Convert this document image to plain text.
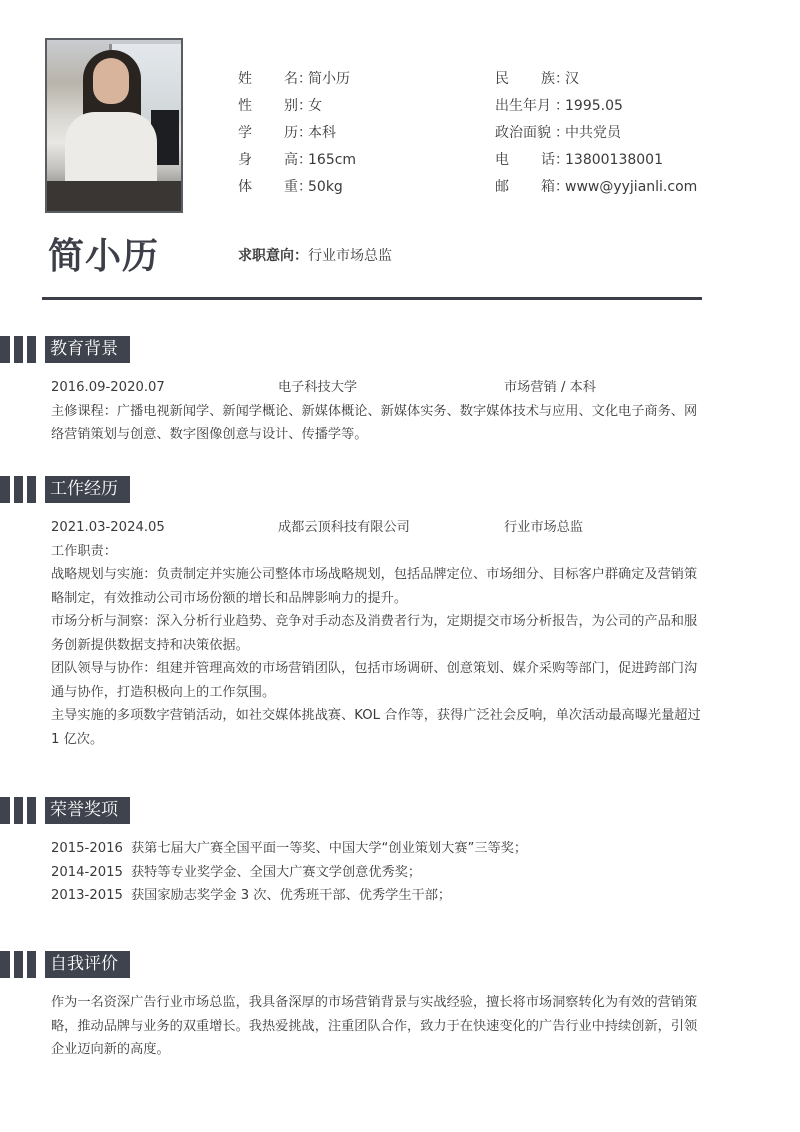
姓 名 ：
简小历
性 别 ：
女
学 历 ：
本科
身 高 ：
165cm
体 重 ：
50kg
民 族 ：
汉
出生年月 ：
1995.05
政治面貌 ：
中共党员
电 话 ：
13800138001
邮 箱 ：
www@yyjianli.com
简小历	求职意向：行业市场总监
教育背景
2016.09-2020.07	电子科技大学	市场营销 / 本科
主修课程：广播电视新闻学、新闻学概论、新媒体概论、新媒体实务、数字媒体技术与应用、文化电子商务、网络营销策划与创意、数字图像创意与设计、传播学等。
工作经历
2021.03-2024.05	成都云顶科技有限公司	行业市场总监
工作职责：
战略规划与实施：负责制定并实施公司整体市场战略规划，包括品牌定位、市场细分、目标客户群确定及营销策略制定，有效推动公司市场份额的增长和品牌影响力的提升。
市场分析与洞察：深入分析行业趋势、竞争对手动态及消费者行为，定期提交市场分析报告，为公司的产品和服务创新提供数据支持和决策依据。
团队领导与协作：组建并管理高效的市场营销团队，包括市场调研、创意策划、媒介采购等部门，促进跨部门沟通与协作，打造积极向上的工作氛围。
主导实施的多项数字营销活动，如社交媒体挑战赛、KOL 合作等，获得广泛社会反响，单次活动最高曝光量超过 1 亿次。
荣誉奖项
2015-2016 获第七届大广赛全国平面一等奖、中国大学“创业策划大赛”三等奖；
2014-2015 获特等专业奖学金、全国大广赛文学创意优秀奖；
2013-2015 获国家励志奖学金 3 次、优秀班干部、优秀学生干部；
自我评价
作为一名资深广告行业市场总监，我具备深厚的市场营销背景与实战经验，擅长将市场洞察转化为有效的营销策略，推动品牌与业务的双重增长。我热爱挑战，注重团队合作，致力于在快速变化的广告行业中持续创新，引领企业迈向新的高度。
